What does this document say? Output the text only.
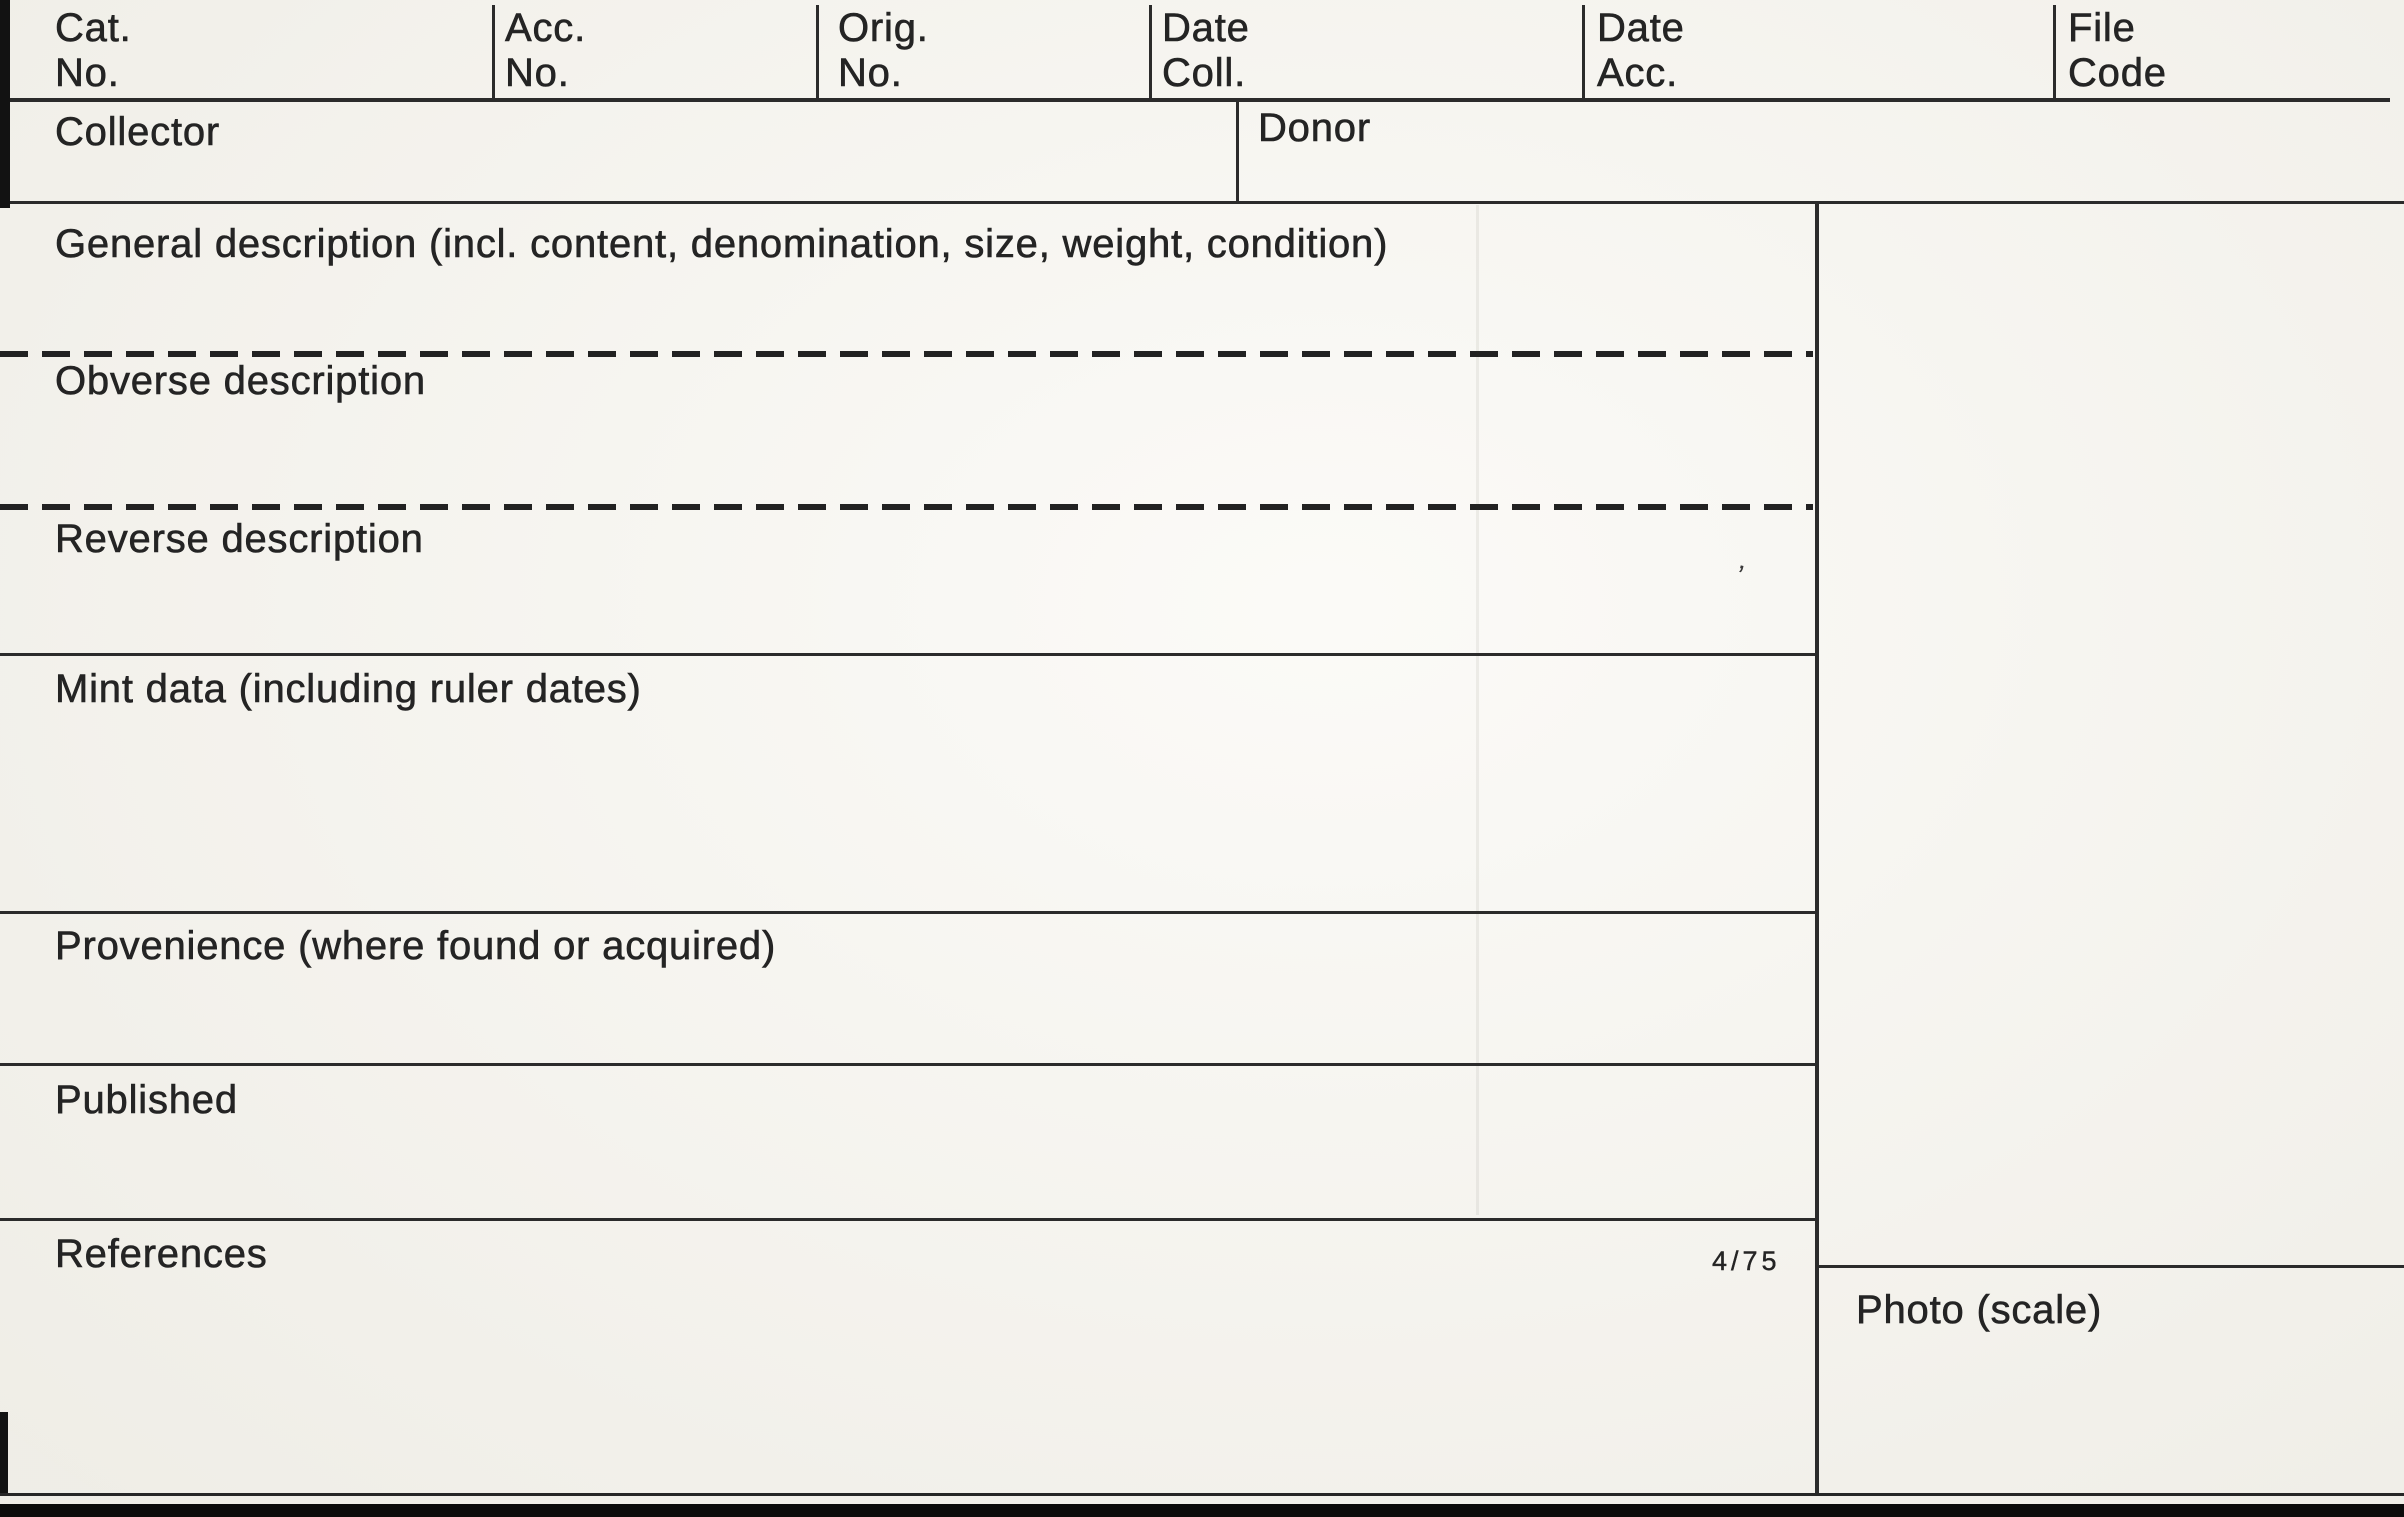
Cat.
No.
Acc.
No.
Orig.
No.
Date
Coll.
Date
Acc.
File
Code
Collector	Donor
General description (incl. content, denomination, size, weight, condition)
Obverse description
Reverse description
Mint data (including ruler dates)
Provenience (where found or acquired)
Published
References	4/75
Photo (scale)
’
